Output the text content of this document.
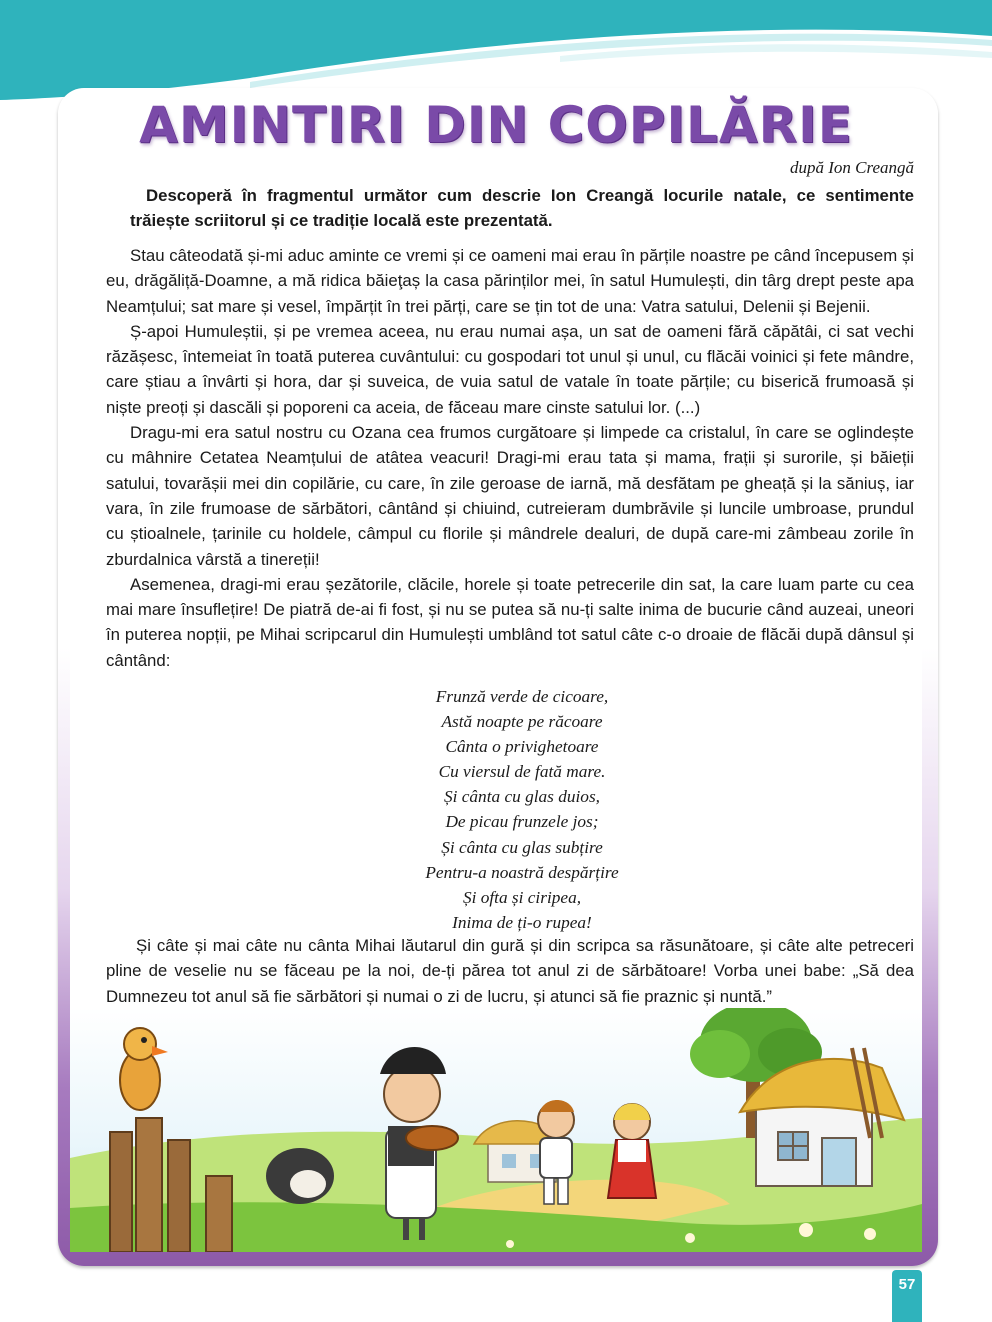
AMINTIRI DIN COPILĂRIE
după Ion Creangă
Descoperă în fragmentul următor cum descrie Ion Creangă locurile natale, ce sentimente trăiește scriitorul și ce tradiție locală este prezentată.

Stau câteodată și-mi aduc aminte ce vremi și ce oameni mai erau în părțile noastre pe când începusem și eu, drăgăliță-Doamne, a mă ridica băieţaș la casa părinților mei, în satul Humulești, din târg drept peste apa Neamțului; sat mare și vesel, împărțit în trei părți, care se țin tot de una: Vatra satului, Delenii și Bejenii.

Ș-apoi Humuleștii, și pe vremea aceea, nu erau numai așa, un sat de oameni fără căpătâi, ci sat vechi răzășesc, întemeiat în toată puterea cuvântului: cu gospodari tot unul și unul, cu flăcăi voinici și fete mândre, care știau a învârti și hora, dar și suveica, de vuia satul de vatale în toate părțile; cu biserică frumoasă și niște preoți și dascăli și poporeni ca aceia, de făceau mare cinste satului lor. (...)

Dragu-mi era satul nostru cu Ozana cea frumos curgătoare și limpede ca cristalul, în care se oglindește cu mâhnire Cetatea Neamțului de atâtea veacuri! Dragi-mi erau tata și mama, frații și surorile, și băieții satului, tovarășii mei din copilărie, cu care, în zile geroase de iarnă, mă desfătam pe gheață și la săniuș, iar vara, în zile frumoase de sărbători, cântând și chiuind, cutreieram dumbrăvile și luncile umbroase, prundul cu știoalnele, țarinile cu holdele, câmpul cu florile și mândrele dealuri, de după care-mi zâmbeau zorile în zburdalnica vârstă a tinereții!

Asemenea, dragi-mi erau șezătorile, clăcile, horele și toate petrecerile din sat, la care luam parte cu cea mai mare însuflețire! De piatră de-ai fi fost, și nu se putea să nu-ți salte inima de bucurie când auzeai, uneori în puterea nopții, pe Mihai scripcarul din Humulești umblând tot satul câte c-o droaie de flăcăi după dânsul și cântând:

Frunză verde de cicoare,
Astă noapte pe răcoare
Cânta o privighetoare
Cu viersul de fată mare.
Și cânta cu glas duios,
De picau frunzele jos;
Și cânta cu glas subțire
Pentru-a noastră despărțire
Și ofta și ciripea,
Inima de ți-o rupea!

Și câte și mai câte nu cânta Mihai lăutarul din gură și din scripca sa răsunătoare, și câte alte petreceri pline de veselie nu se făceau pe la noi, de-ți părea tot anul zi de sărbătoare! Vorba unei babe: „Să dea Dumnezeu tot anul să fie sărbători și numai o zi de lucru, și atunci să fie praznic și nuntă.”

57
